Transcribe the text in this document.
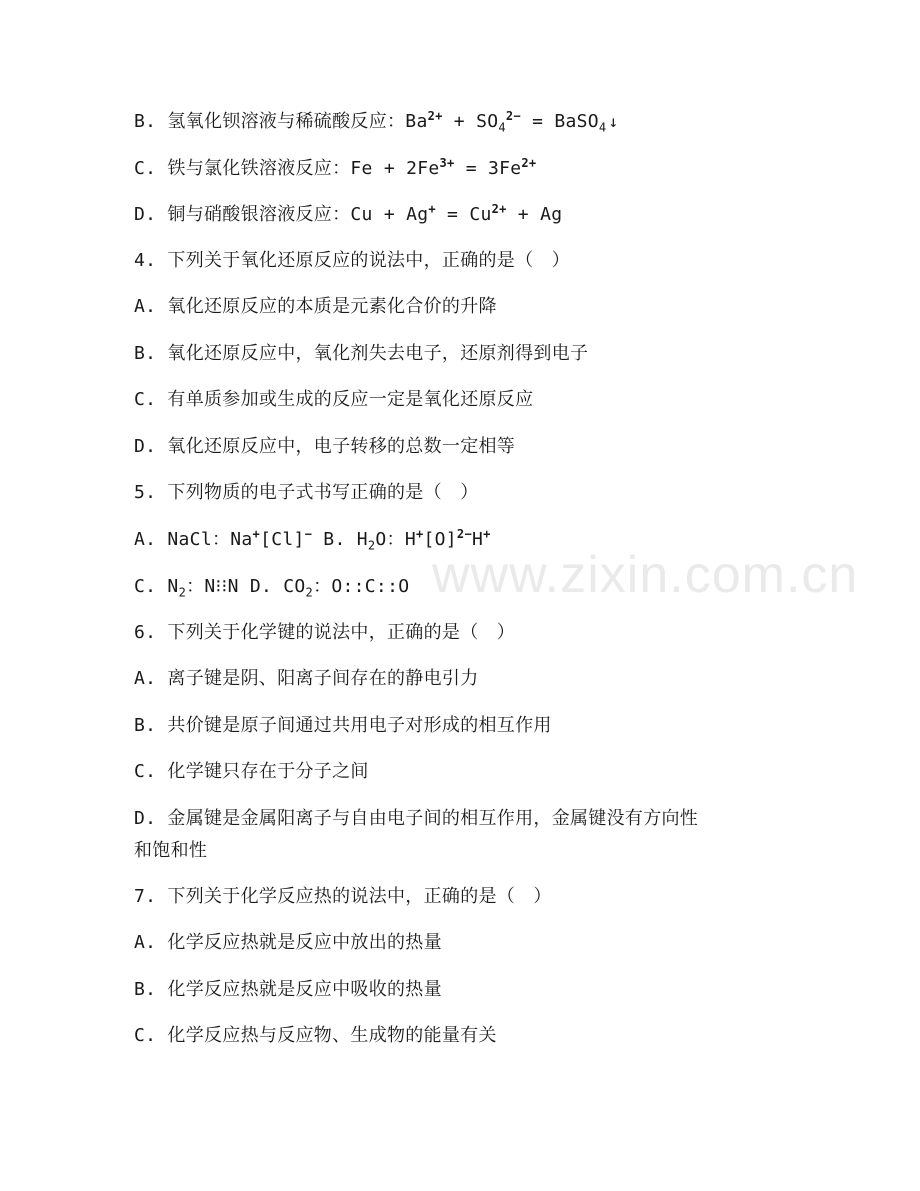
www.zixin.com.cn
B. 氢氧化钡溶液与稀硫酸反应：$Ba^{2+} + SO_4^{2-}$ = BaSO$_4$ ↓
C. 铁与氯化铁溶液反应：$Fe + 2Fe^{3+} = 3Fe^{2+}$
D. 铜与硝酸银溶液反应：$Cu + Ag^+ = Cu^{2+} + Ag$
4. 下列关于氧化还原反应的说法中，正确的是（　）
A. 氧化还原反应的本质是元素化合价的升降
B. 氧化还原反应中，氧化剂失去电子，还原剂得到电子
C. 有单质参加或生成的反应一定是氧化还原反应
D. 氧化还原反应中，电子转移的总数一定相等
5. 下列物质的电子式书写正确的是（　）
A. NaCl：Na+[Cl]− B. $H_2O$：$H^+[O]^{2-}H^+$
C. $N_2$：N⁝⁝N D. $CO_2$：O::C::O
6. 下列关于化学键的说法中，正确的是（　）
A. 离子键是阴、阳离子间存在的静电引力
B. 共价键是原子间通过共用电子对形成的相互作用
C. 化学键只存在于分子之间
D. 金属键是金属阳离子与自由电子间的相互作用，金属键没有方向性
和饱和性
7. 下列关于化学反应热的说法中，正确的是（　）
A. 化学反应热就是反应中放出的热量
B. 化学反应热就是反应中吸收的热量
C. 化学反应热与反应物、生成物的能量有关
